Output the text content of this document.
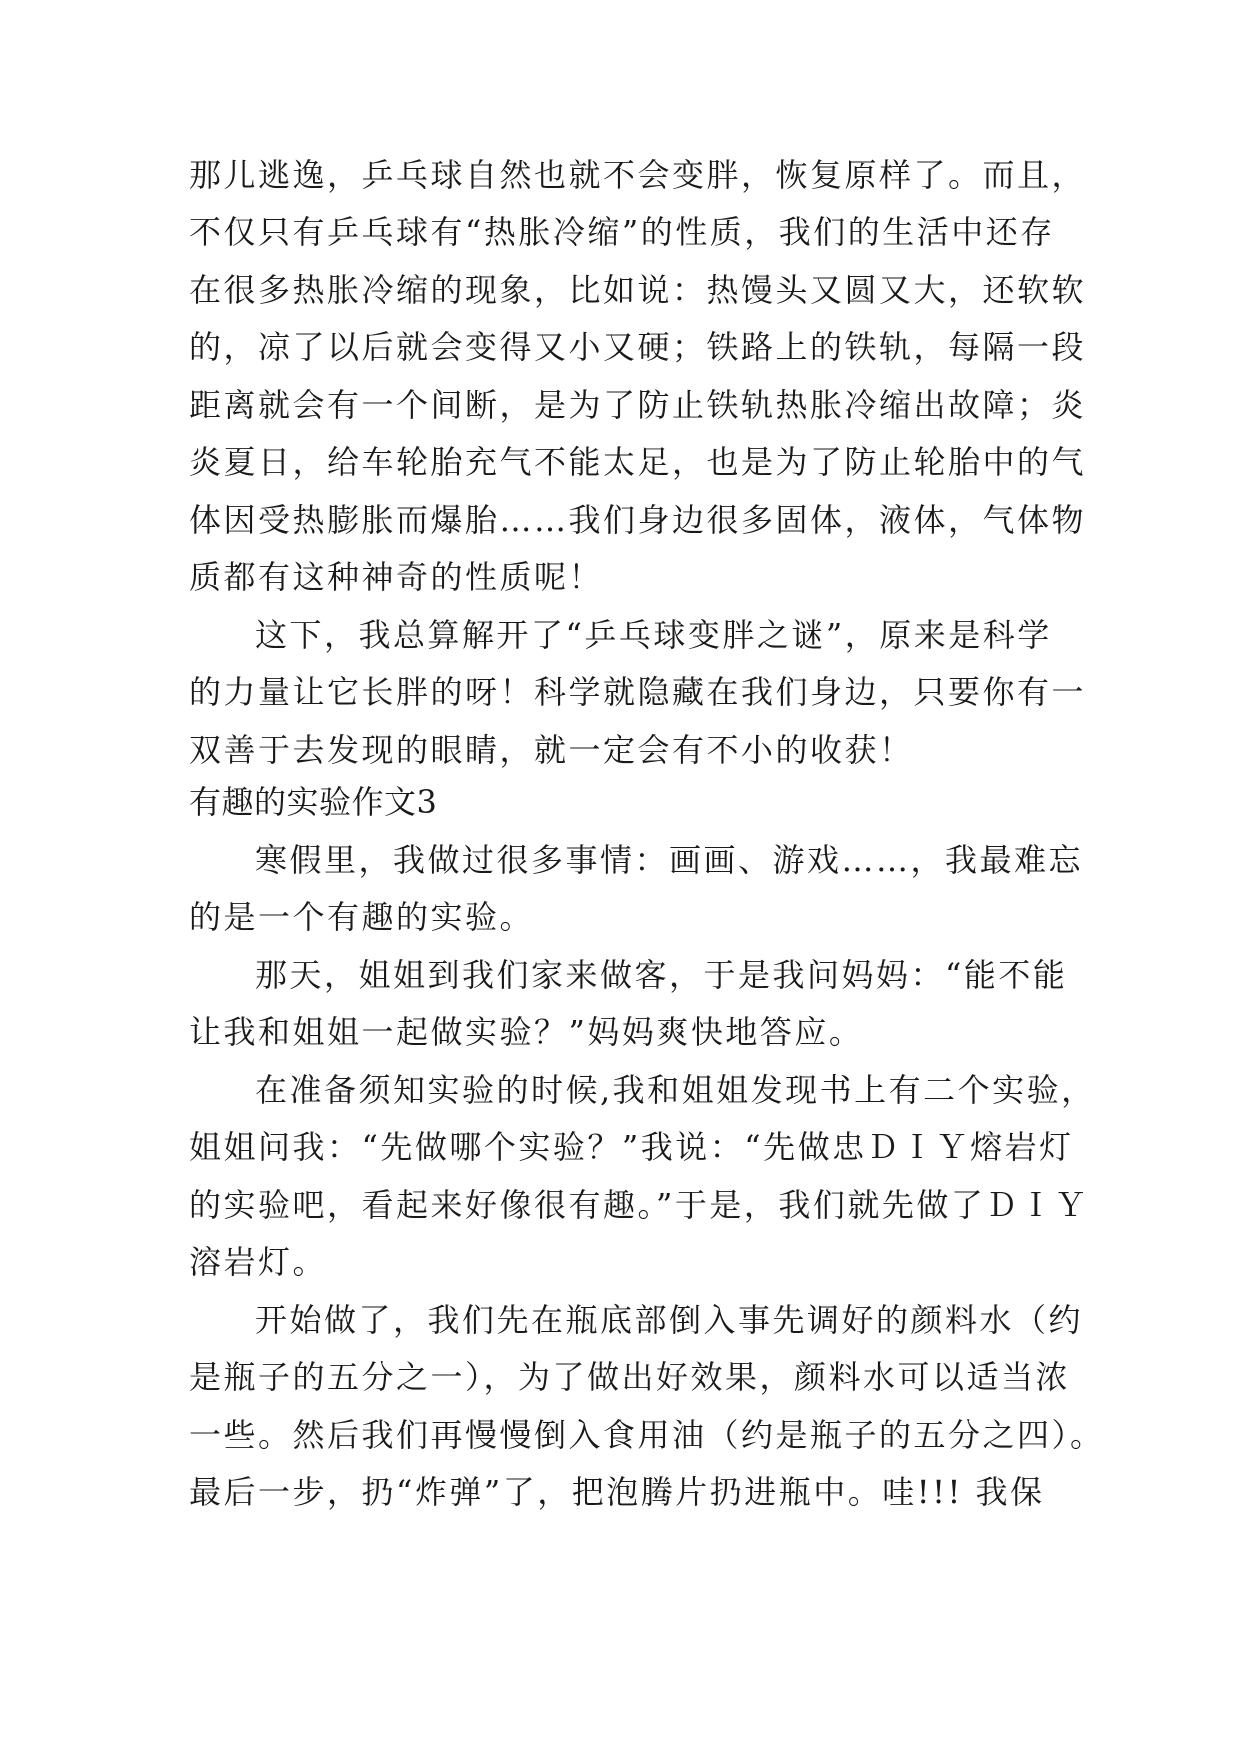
那儿逃逸，乒乓球自然也就不会变胖，恢复原样了。而且，
不仅只有乒乓球有“热胀冷缩”的性质，我们的生活中还存
在很多热胀冷缩的现象，比如说：热馒头又圆又大，还软软
的，凉了以后就会变得又小又硬；铁路上的铁轨，每隔一段
距离就会有一个间断，是为了防止铁轨热胀冷缩出故障；炎
炎夏日，给车轮胎充气不能太足，也是为了防止轮胎中的气
体因受热膨胀而爆胎……我们身边很多固体，液体，气体物
质都有这种神奇的性质呢！
这下，我总算解开了“乒乓球变胖之谜”，原来是科学
的力量让它长胖的呀！科学就隐藏在我们身边，只要你有一
双善于去发现的眼睛，就一定会有不小的收获！
有趣的实验作文3
寒假里，我做过很多事情：画画、游戏……，我最难忘
的是一个有趣的实验。
那天，姐姐到我们家来做客，于是我问妈妈：“能不能
让我和姐姐一起做实验？”妈妈爽快地答应。
在准备须知实验的时候,我和姐姐发现书上有二个实验，
姐姐问我：“先做哪个实验？”我说：“先做忠ＤＩＹ熔岩灯
的实验吧，看起来好像很有趣。”于是，我们就先做了ＤＩＹ
溶岩灯。
开始做了，我们先在瓶底部倒入事先调好的颜料水（约
是瓶子的五分之一），为了做出好效果，颜料水可以适当浓
一些。然后我们再慢慢倒入食用油（约是瓶子的五分之四）。
最后一步，扔“炸弹”了，把泡腾片扔进瓶中。哇!!! 我保
